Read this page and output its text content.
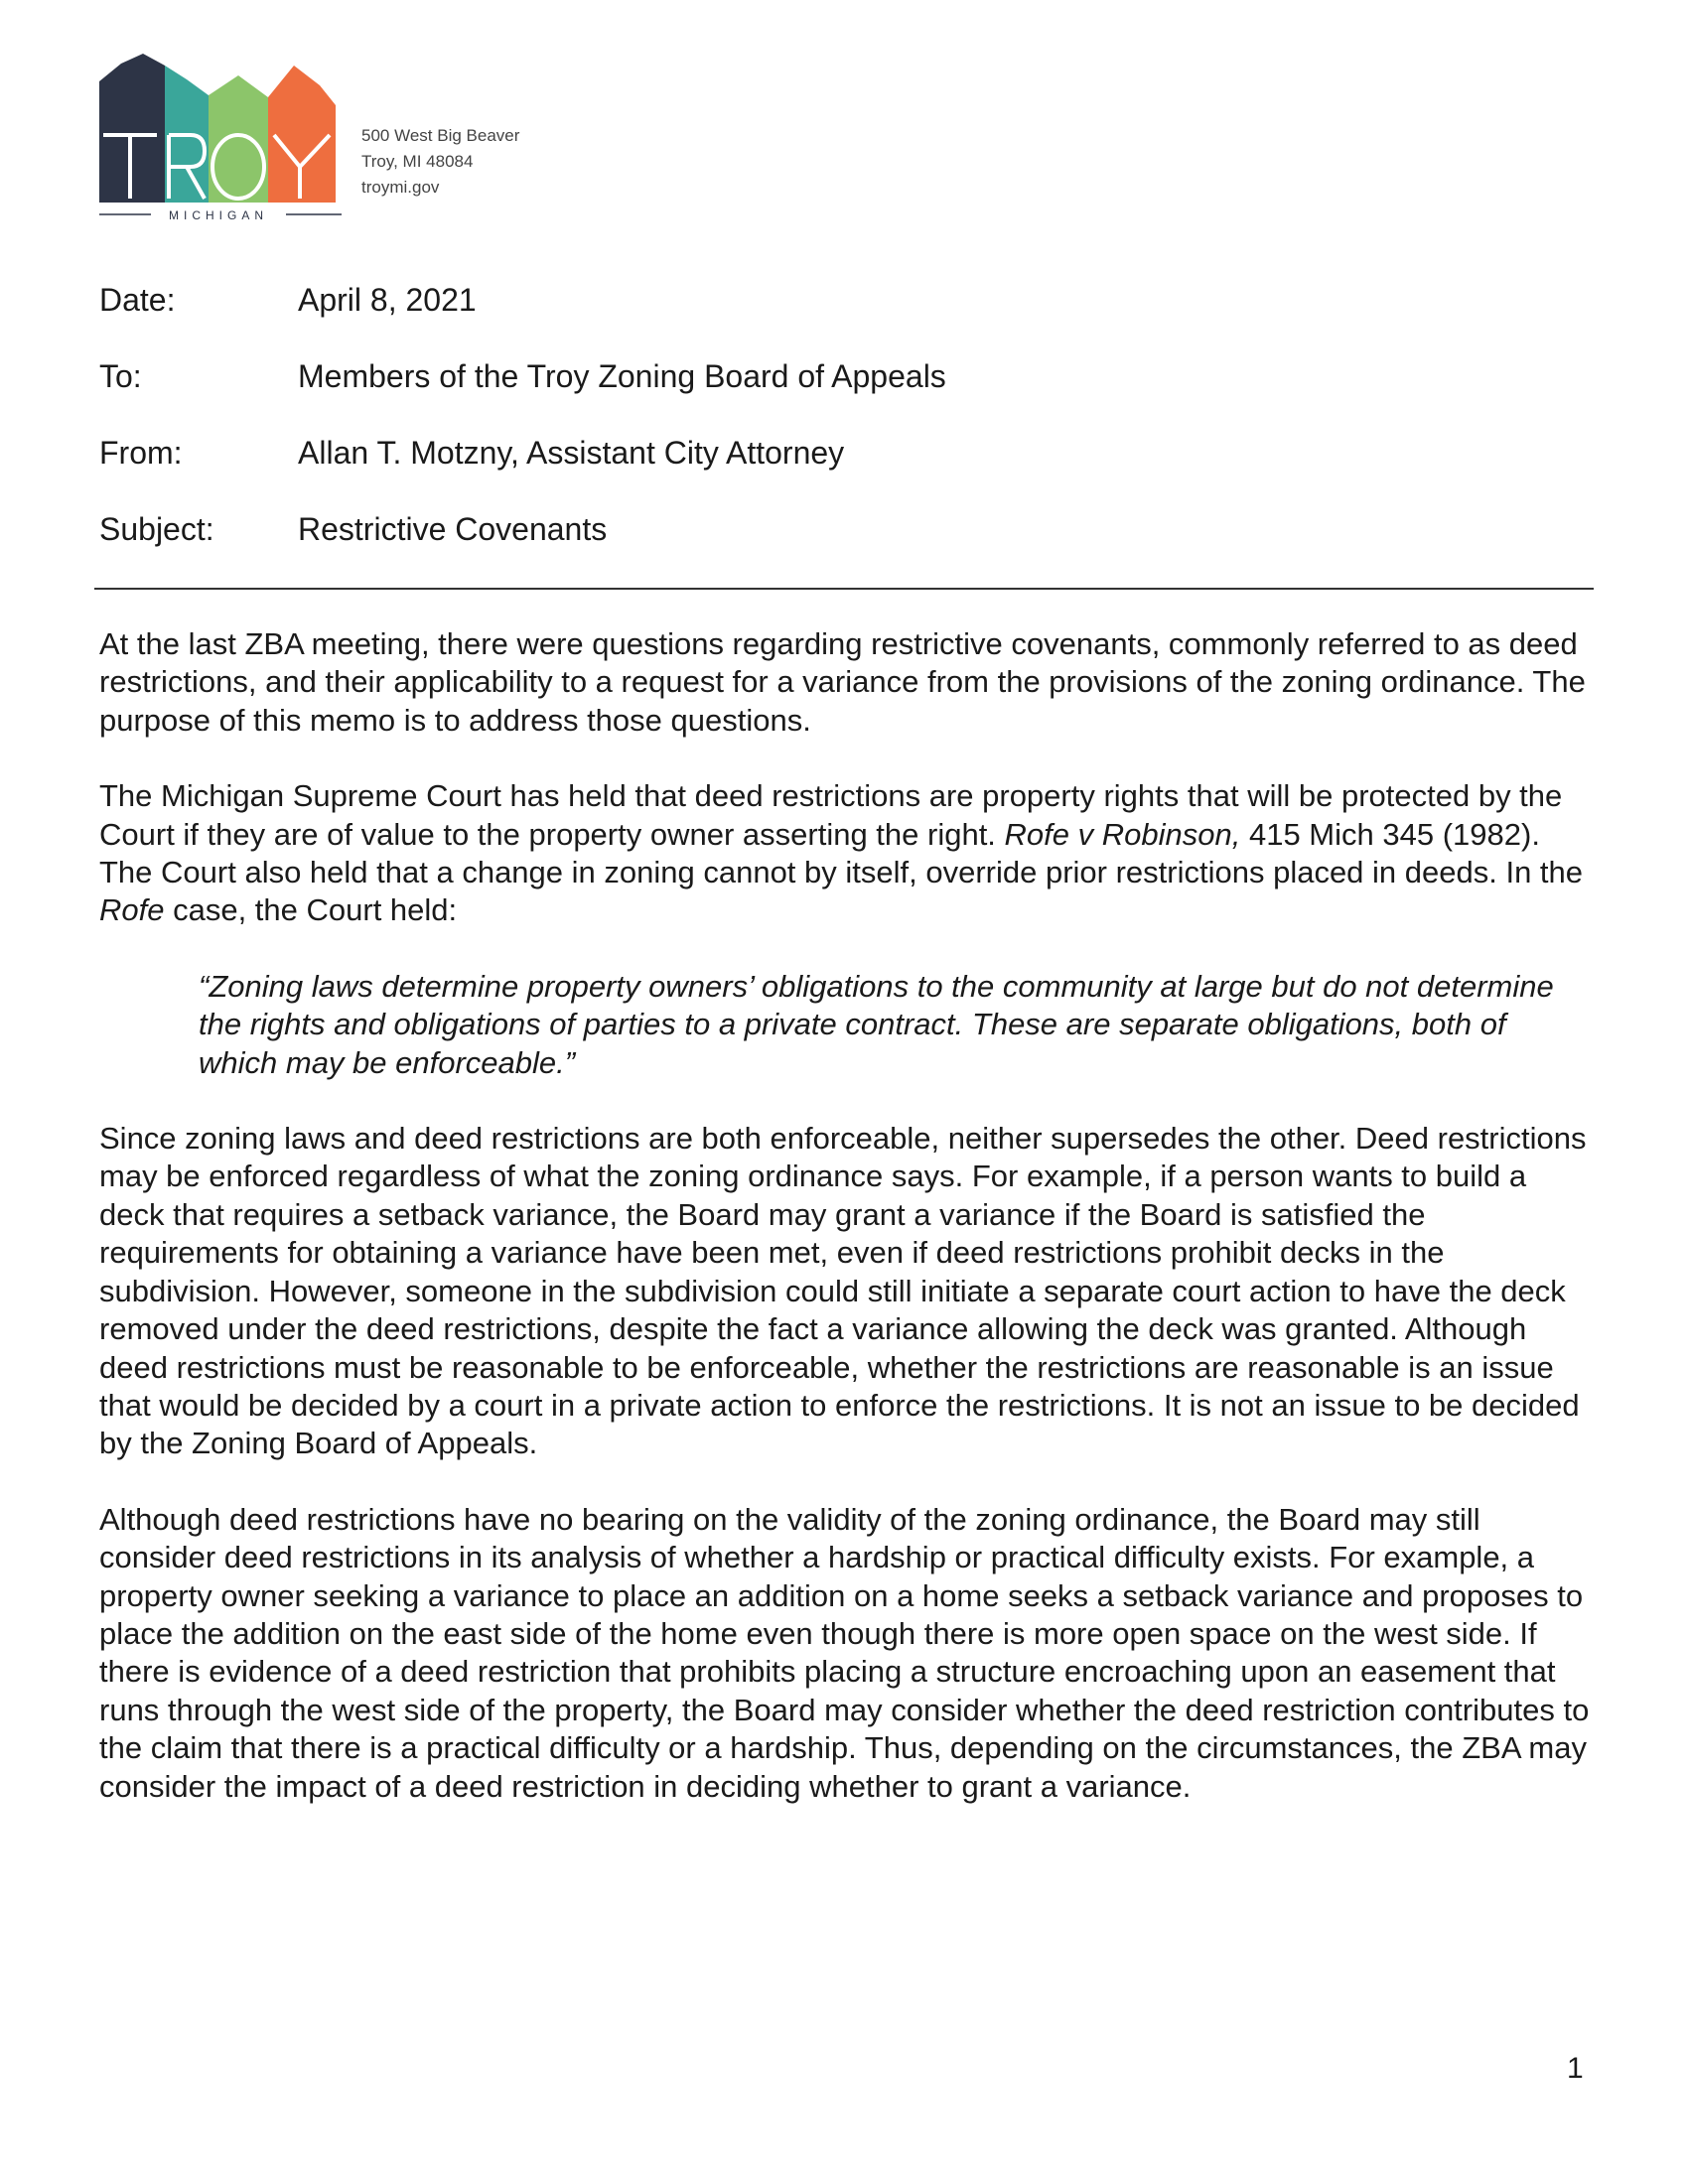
MICHIGAN
500 West Big Beaver
Troy, MI 48084
troymi.gov
Date:	April 8, 2021
To:	Members of the Troy Zoning Board of Appeals
From:	Allan T. Motzny, Assistant City Attorney
Subject:	Restrictive Covenants

At the last ZBA meeting, there were questions regarding restrictive covenants, commonly referred to as deed restrictions, and their applicability to a request for a variance from the provisions of the zoning ordinance. The purpose of this memo is to address those questions.

The Michigan Supreme Court has held that deed restrictions are property rights that will be protected by the Court if they are of value to the property owner asserting the right. Rofe v Robinson, 415 Mich 345 (1982). The Court also held that a change in zoning cannot by itself, override prior restrictions placed in deeds. In the Rofe case, the Court held:

“Zoning laws determine property owners’ obligations to the community at large but do not determine the rights and obligations of parties to a private contract. These are separate obligations, both of which may be enforceable.”

Since zoning laws and deed restrictions are both enforceable, neither supersedes the other. Deed restrictions may be enforced regardless of what the zoning ordinance says. For example, if a person wants to build a deck that requires a setback variance, the Board may grant a variance if the Board is satisfied the requirements for obtaining a variance have been met, even if deed restrictions prohibit decks in the subdivision. However, someone in the subdivision could still initiate a separate court action to have the deck removed under the deed restrictions, despite the fact a variance allowing the deck was granted. Although deed restrictions must be reasonable to be enforceable, whether the restrictions are reasonable is an issue that would be decided by a court in a private action to enforce the restrictions. It is not an issue to be decided by the Zoning Board of Appeals.

Although deed restrictions have no bearing on the validity of the zoning ordinance, the Board may still consider deed restrictions in its analysis of whether a hardship or practical difficulty exists. For example, a property owner seeking a variance to place an addition on a home seeks a setback variance and proposes to place the addition on the east side of the home even though there is more open space on the west side. If there is evidence of a deed restriction that prohibits placing a structure encroaching upon an easement that runs through the west side of the property, the Board may consider whether the deed restriction contributes to the claim that there is a practical difficulty or a hardship. Thus, depending on the circumstances, the ZBA may consider the impact of a deed restriction in deciding whether to grant a variance.

1
